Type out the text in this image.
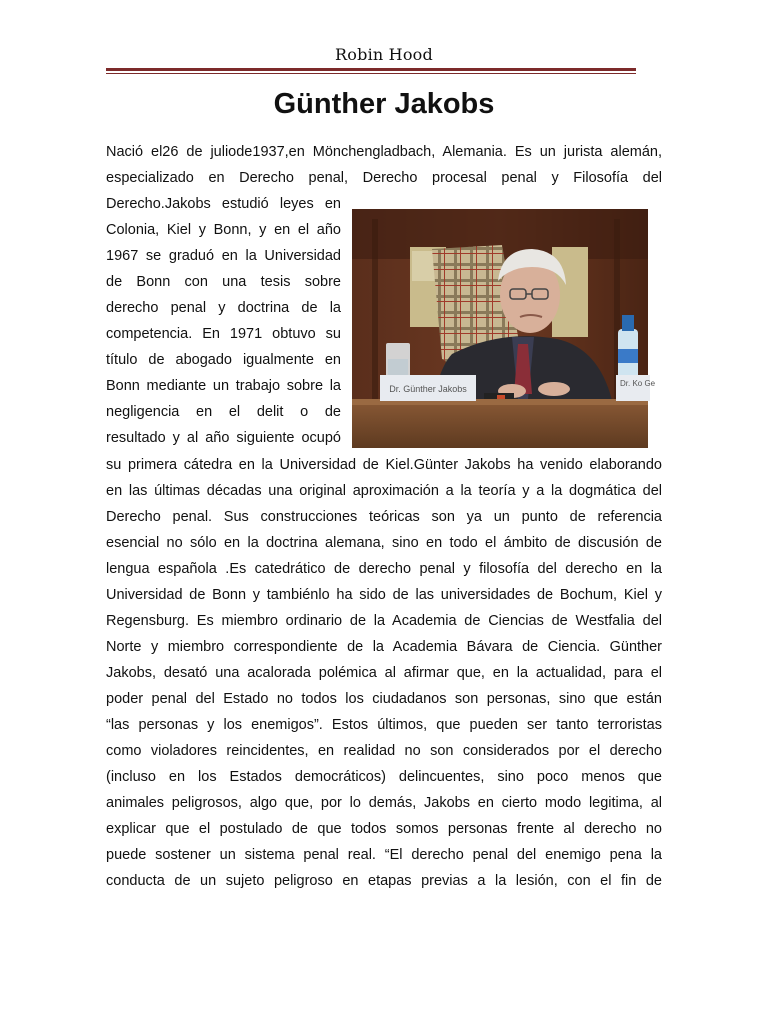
Robin Hood
Günther Jakobs
Nació el26 de juliode1937,en Mönchengladbach, Alemania. Es un jurista alemán,
especializado en Derecho penal, Derecho procesal penal y Filosofía del
Derecho.Jakobs estudió leyes en
Colonia, Kiel y Bonn, y en el año
1967 se graduó en la Universidad
de Bonn con una tesis sobre
derecho penal y doctrina de la
competencia. En 1971 obtuvo su
título de abogado igualmente en
Bonn mediante un trabajo sobre la
negligencia en el delit o de
resultado y al año siguiente ocupó
su primera cátedra en la Universidad de Kiel.Günter Jakobs ha venido elaborando
en las últimas décadas una original aproximación a la teoría y a la dogmática del
Derecho penal. Sus construcciones teóricas son ya un punto de referencia
esencial no sólo en la doctrina alemana, sino en todo el ámbito de discusión de
lengua española .Es catedrático de derecho penal y filosofía del derecho en la
Universidad de Bonn y tambiénlo ha sido de las universidades de Bochum, Kiel y
Regensburg. Es miembro ordinario de la Academia de Ciencias de Westfalia del
Norte y miembro correspondiente de la Academia Bávara de Ciencia. Günther
Jakobs, desató una acalorada polémica al afirmar que, en la actualidad, para el
poder penal del Estado no todos los ciudadanos son personas, sino que están
“las personas y los enemigos”. Estos últimos, que pueden ser tanto terroristas
como violadores reincidentes, en realidad no son considerados por el derecho
(incluso en los Estados democráticos) delincuentes, sino poco menos que
animales peligrosos, algo que, por lo demás, Jakobs en cierto modo legitima, al
explicar que el postulado de que todos somos personas frente al derecho no
puede sostener un sistema penal real. “El derecho penal del enemigo pena la
conducta de un sujeto peligroso en etapas previas a la lesión, con el fin de
Dr. Günther Jakobs
Dr. Ko Ge
